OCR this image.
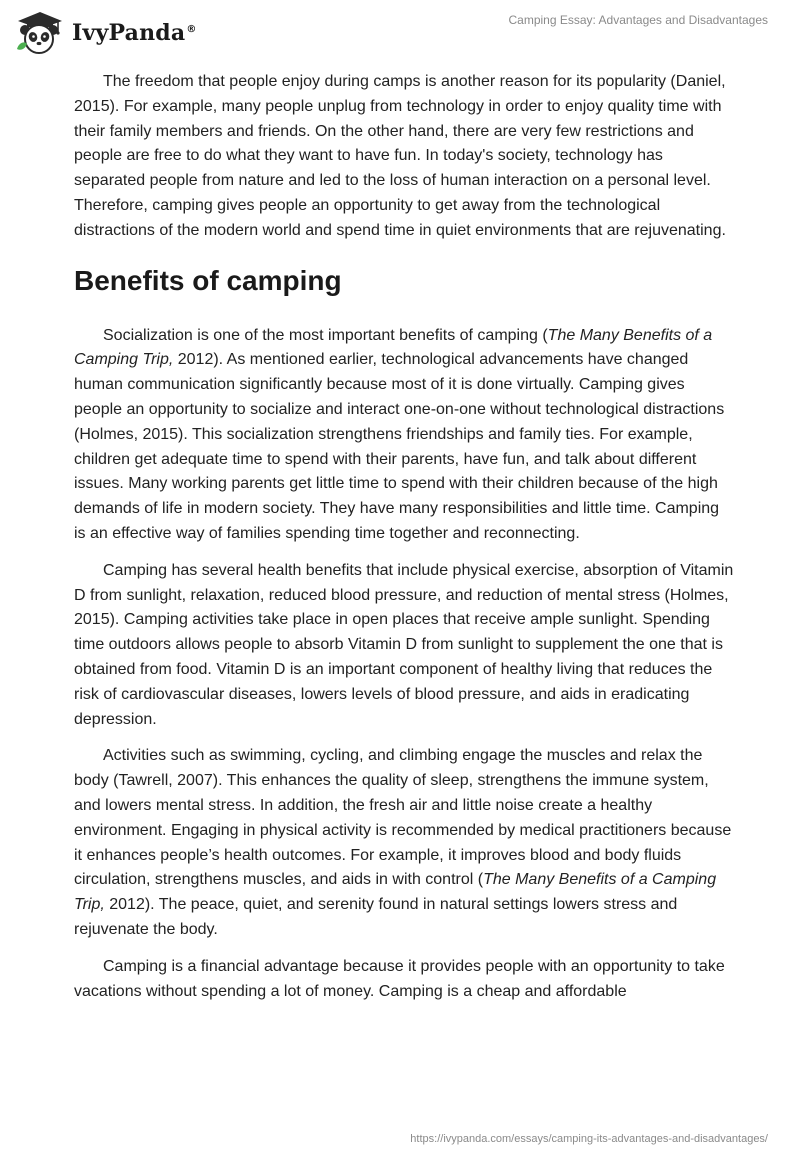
IvyPanda®
Camping Essay: Advantages and Disadvantages

The freedom that people enjoy during camps is another reason for its popularity (Daniel, 2015). For example, many people unplug from technology in order to enjoy quality time with their family members and friends. On the other hand, there are very few restrictions and people are free to do what they want to have fun. In today's society, technology has separated people from nature and led to the loss of human interaction on a personal level. Therefore, camping gives people an opportunity to get away from the technological distractions of the modern world and spend time in quiet environments that are rejuvenating.

Benefits of camping

Socialization is one of the most important benefits of camping (The Many Benefits of a Camping Trip, 2012). As mentioned earlier, technological advancements have changed human communication significantly because most of it is done virtually. Camping gives people an opportunity to socialize and interact one-on-one without technological distractions (Holmes, 2015). This socialization strengthens friendships and family ties. For example, children get adequate time to spend with their parents, have fun, and talk about different issues. Many working parents get little time to spend with their children because of the high demands of life in modern society. They have many responsibilities and little time. Camping is an effective way of families spending time together and reconnecting.

Camping has several health benefits that include physical exercise, absorption of Vitamin D from sunlight, relaxation, reduced blood pressure, and reduction of mental stress (Holmes, 2015). Camping activities take place in open places that receive ample sunlight. Spending time outdoors allows people to absorb Vitamin D from sunlight to supplement the one that is obtained from food. Vitamin D is an important component of healthy living that reduces the risk of cardiovascular diseases, lowers levels of blood pressure, and aids in eradicating depression.

Activities such as swimming, cycling, and climbing engage the muscles and relax the body (Tawrell, 2007). This enhances the quality of sleep, strengthens the immune system, and lowers mental stress. In addition, the fresh air and little noise create a healthy environment. Engaging in physical activity is recommended by medical practitioners because it enhances people’s health outcomes. For example, it improves blood and body fluids circulation, strengthens muscles, and aids in with control (The Many Benefits of a Camping Trip, 2012). The peace, quiet, and serenity found in natural settings lowers stress and rejuvenate the body.

Camping is a financial advantage because it provides people with an opportunity to take vacations without spending a lot of money. Camping is a cheap and affordable

https://ivypanda.com/essays/camping-its-advantages-and-disadvantages/
